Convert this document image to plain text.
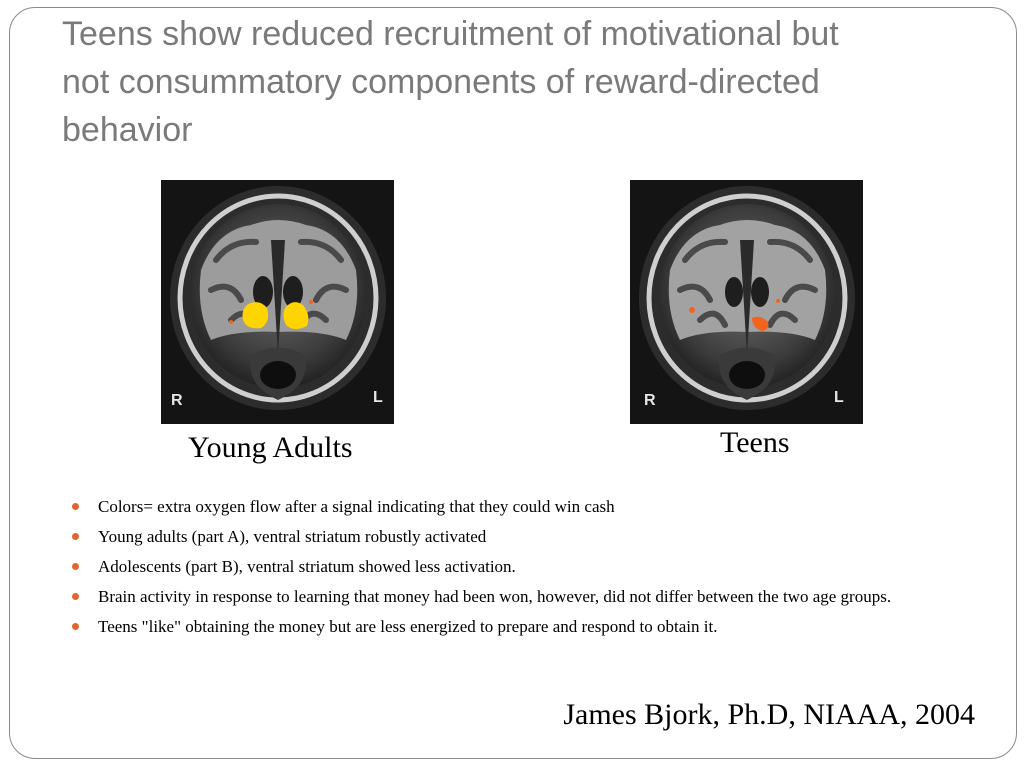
Teens show reduced recruitment of motivational but
not consummatory components of reward-directed
behavior
R	L	R	L
Young Adults	Teens
Colors= extra oxygen flow after a signal indicating that they could win cash
Young adults (part A), ventral striatum robustly activated
Adolescents (part B), ventral striatum showed less activation.
Brain activity in response to learning that money had been won, however, did not differ between the two age groups.
Teens "like" obtaining the money but are less energized to prepare and respond to obtain it.
James Bjork, Ph.D, NIAAA, 2004
